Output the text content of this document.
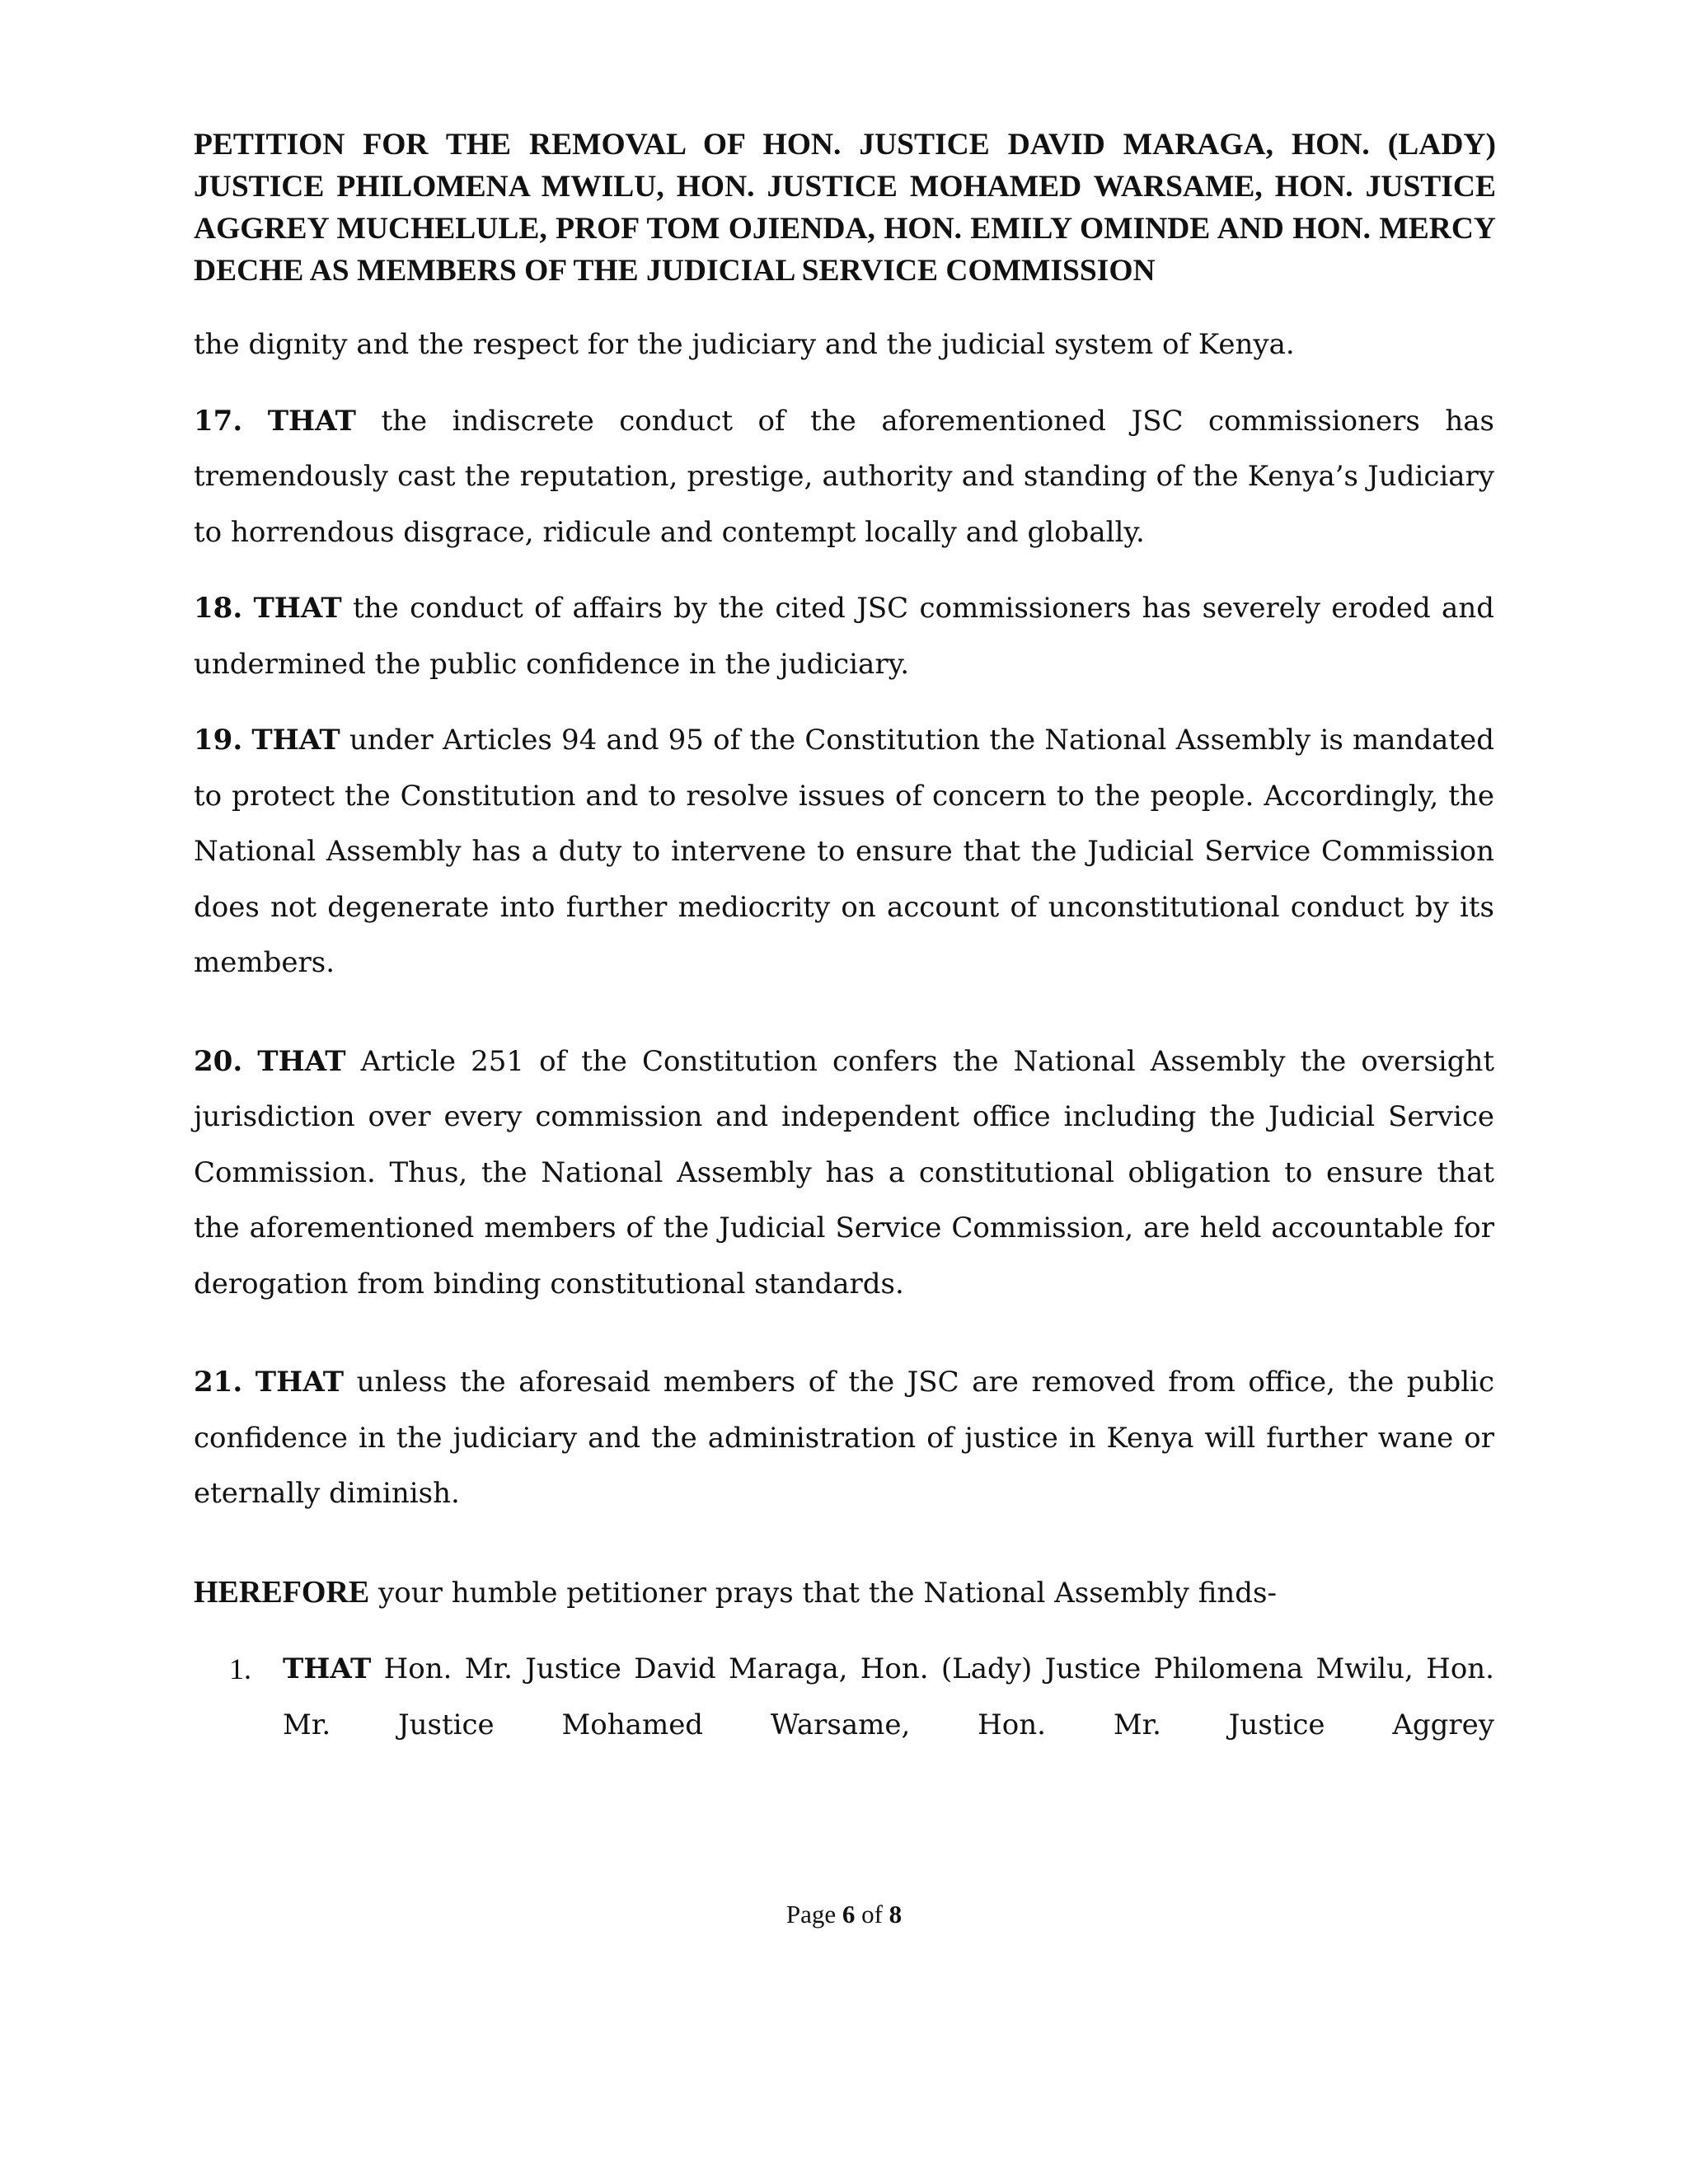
PETITION FOR THE REMOVAL OF HON. JUSTICE DAVID MARAGA, HON. (LADY) JUSTICE PHILOMENA MWILU, HON. JUSTICE MOHAMED WARSAME, HON. JUSTICE AGGREY MUCHELULE, PROF TOM OJIENDA, HON. EMILY OMINDE AND HON. MERCY DECHE AS MEMBERS OF THE JUDICIAL SERVICE COMMISSION

the dignity and the respect for the judiciary and the judicial system of Kenya.

17. THAT the indiscrete conduct of the aforementioned JSC commissioners has tremendously cast the reputation, prestige, authority and standing of the Kenya’s Judiciary to horrendous disgrace, ridicule and contempt locally and globally.

18. THAT the conduct of affairs by the cited JSC commissioners has severely eroded and undermined the public confidence in the judiciary.

19. THAT under Articles 94 and 95 of the Constitution the National Assembly is mandated to protect the Constitution and to resolve issues of concern to the people. Accordingly, the National Assembly has a duty to intervene to ensure that the Judicial Service Commission does not degenerate into further mediocrity on account of unconstitutional conduct by its members.

20. THAT Article 251 of the Constitution confers the National Assembly the oversight jurisdiction over every commission and independent office including the Judicial Service Commission. Thus, the National Assembly has a constitutional obligation to ensure that the aforementioned members of the Judicial Service Commission, are held accountable for derogation from binding constitutional standards.

21. THAT unless the aforesaid members of the JSC are removed from office, the public confidence in the judiciary and the administration of justice in Kenya will further wane or eternally diminish.

HEREFORE your humble petitioner prays that the National Assembly finds-

1. THAT Hon. Mr. Justice David Maraga, Hon. (Lady) Justice Philomena Mwilu, Hon. Mr. Justice Mohamed Warsame, Hon. Mr. Justice Aggrey
Page 6 of 8
